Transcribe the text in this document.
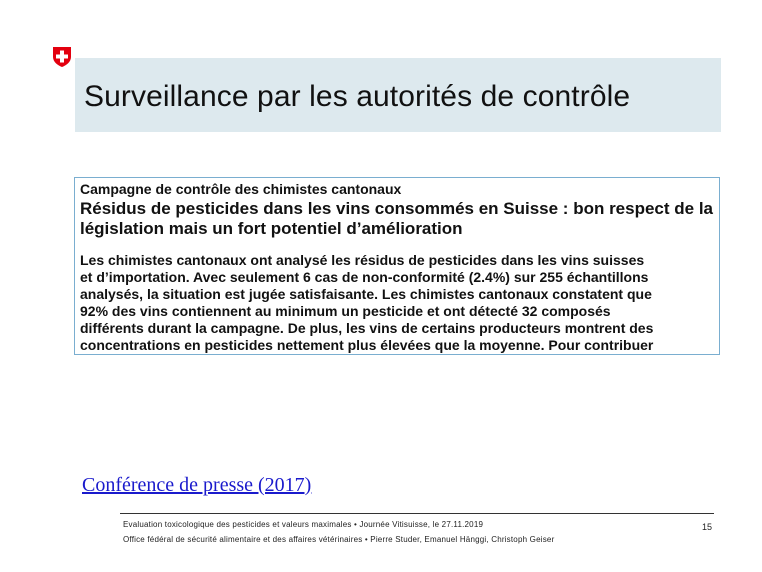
Surveillance par les autorités de contrôle
Campagne de contrôle des chimistes cantonaux
Résidus de pesticides dans les vins consommés en Suisse : bon respect de la législation mais un fort potentiel d’amélioration
Les chimistes cantonaux ont analysé les résidus de pesticides dans les vins suisses
et d’importation. Avec seulement 6 cas de non-conformité (2.4%) sur 255 échantillons
analysés, la situation est jugée satisfaisante. Les chimistes cantonaux constatent que
92% des vins contiennent au minimum un pesticide et ont détecté 32 composés
différents durant la campagne. De plus, les vins de certains producteurs montrent des
concentrations en pesticides nettement plus élevées que la moyenne. Pour contribuer
Conférence de presse (2017)
Evaluation toxicologique des pesticides et valeurs maximales • Journée Vitisuisse, le 27.11.2019
Office fédéral de sécurité alimentaire et des affaires vétérinaires • Pierre Studer, Emanuel Hänggi, Christoph Geiser
15
